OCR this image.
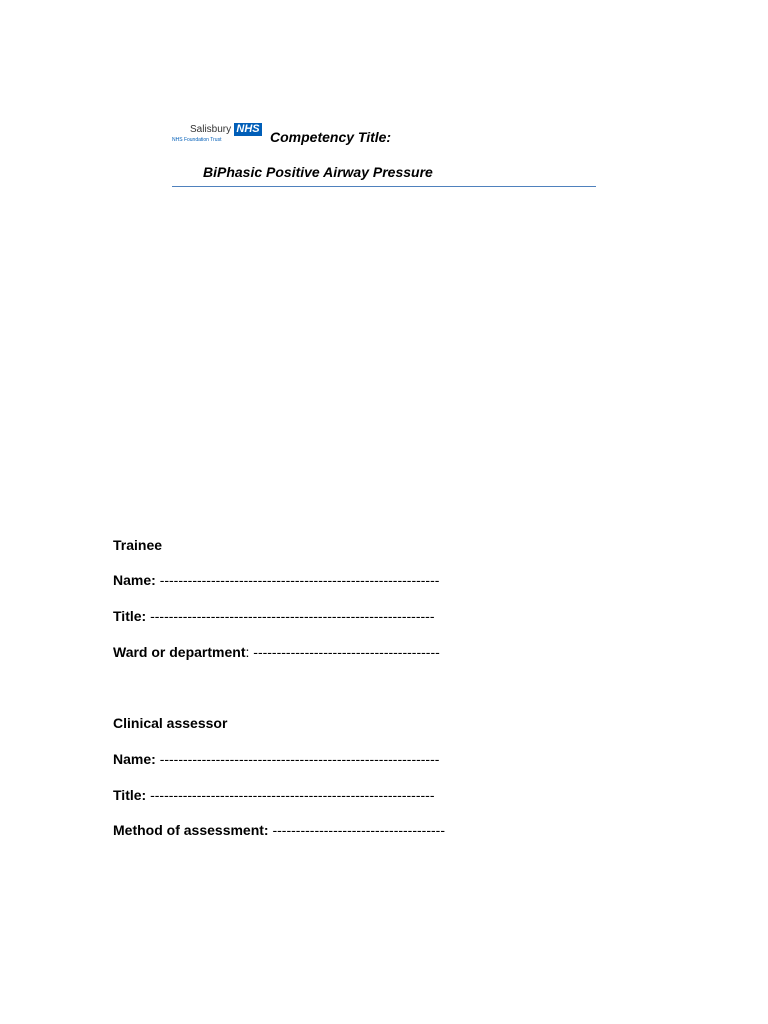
Salisbury NHS
NHS Foundation Trust	Competency Title:
BiPhasic Positive Airway Pressure
Trainee
Name: ------------------------------------------------------------
Title: -------------------------------------------------------------
Ward or department: ----------------------------------------
Clinical assessor
Name: ------------------------------------------------------------
Title: -------------------------------------------------------------
Method of assessment: -------------------------------------
